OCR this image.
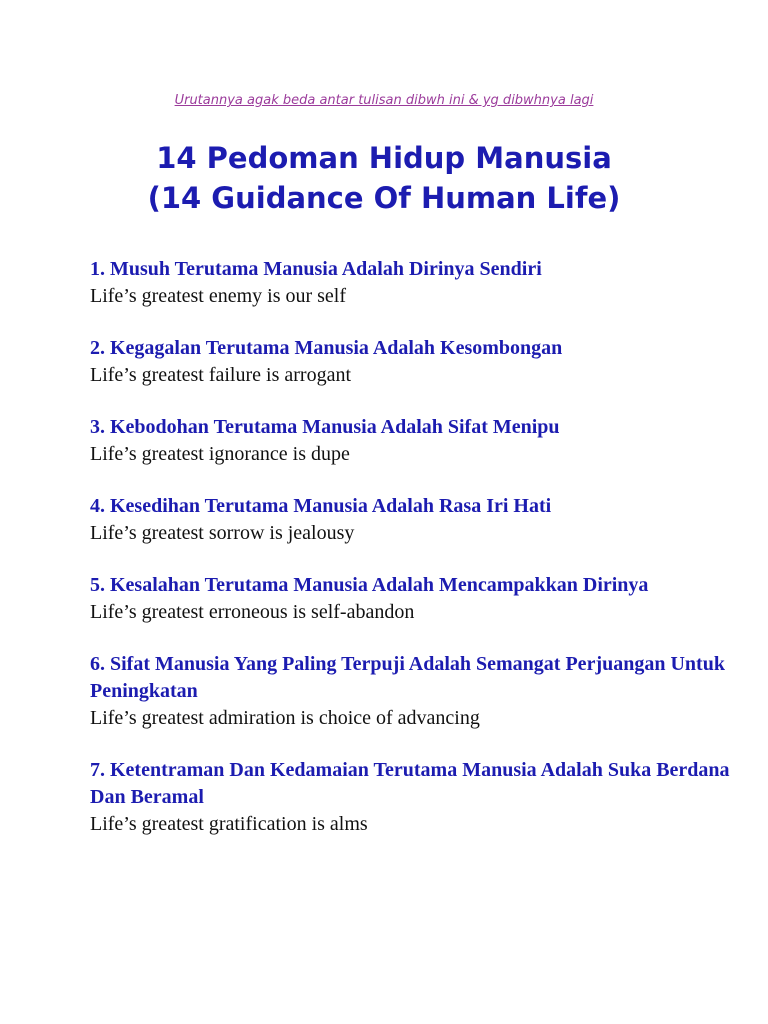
Urutannya agak beda antar tulisan dibwh ini & yg dibwhnya lagi
14 Pedoman Hidup Manusia
(14 Guidance Of Human Life)
1. Musuh Terutama Manusia Adalah Dirinya Sendiri
Life’s greatest enemy is our self
2. Kegagalan Terutama Manusia Adalah Kesombongan
Life’s greatest failure is arrogant
3. Kebodohan Terutama Manusia Adalah Sifat Menipu
Life’s greatest ignorance is dupe
4. Kesedihan Terutama Manusia Adalah Rasa Iri Hati
Life’s greatest sorrow is jealousy
5. Kesalahan Terutama Manusia Adalah Mencampakkan Dirinya
Life’s greatest erroneous is self-abandon
6. Sifat Manusia Yang Paling Terpuji Adalah Semangat Perjuangan Untuk Peningkatan
Life’s greatest admiration is choice of advancing
7. Ketentraman Dan Kedamaian Terutama Manusia Adalah Suka Berdana Dan Beramal
Life’s greatest gratification is alms
